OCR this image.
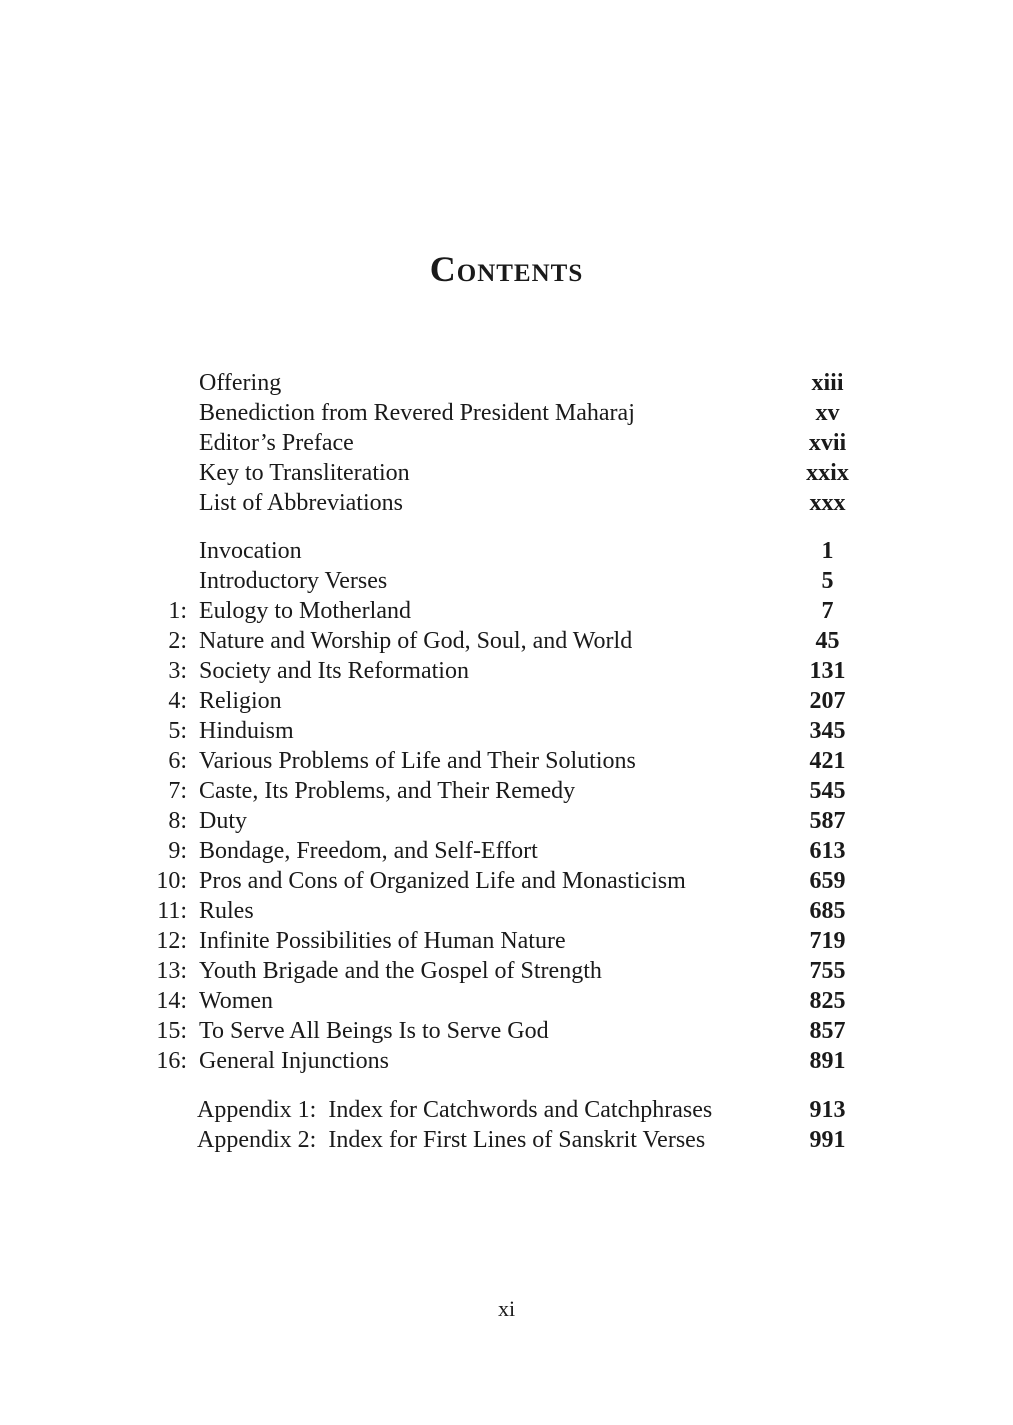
Contents
Offering	xiii
Benediction from Revered President Maharaj	xv
Editor’s Preface	xvii
Key to Transliteration	xxix
List of Abbreviations	xxx
Invocation	1
Introductory Verses	5
1: Eulogy to Motherland	7
2: Nature and Worship of God, Soul, and World	45
3: Society and Its Reformation	131
4: Religion	207
5: Hinduism	345
6: Various Problems of Life and Their Solutions	421
7: Caste, Its Problems, and Their Remedy	545
8: Duty	587
9: Bondage, Freedom, and Self-Effort	613
10: Pros and Cons of Organized Life and Monasticism	659
11: Rules	685
12: Infinite Possibilities of Human Nature	719
13: Youth Brigade and the Gospel of Strength	755
14: Women	825
15: To Serve All Beings Is to Serve God	857
16: General Injunctions	891
Appendix 1:  Index for Catchwords and Catchphrases	913
Appendix 2:  Index for First Lines of Sanskrit Verses	991
xi
